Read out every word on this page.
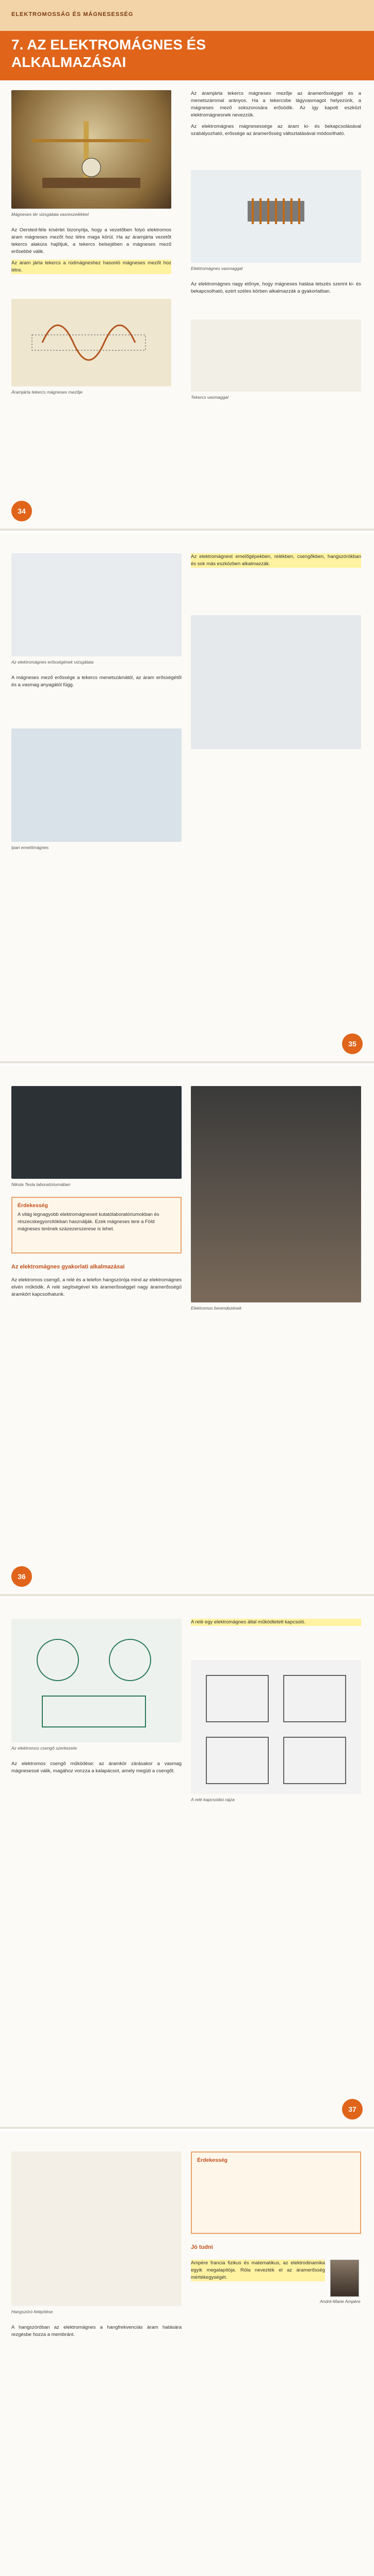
ELEKTROMOSSÁG ÉS MÁGNESESSÉG
7. AZ ELEKTROMÁGNES ÉS ALKALMAZÁSAI
Mágneses tér vizsgálata vasreszelékkel

Az Oersted-féle kísérlet bizonyítja, hogy a vezetőben folyó elektromos áram mágneses mezőt hoz létre maga körül. Ha az áramjárta vezetőt tekercs alakúra hajlítjuk, a tekercs belsejében a mágneses mező erősebbé válik.

Az áram járta tekercs a rúdmágneshez hasonló mágneses mezőt hoz létre.

Áramjárta tekercs mágneses mezője

Az áramjárta tekercs mágneses mezője az áramerősséggel és a menetszámmal arányos. Ha a tekercsbe lágyvasmagot helyezünk, a mágneses mező sokszorosára erősödik. Az így kapott eszközt elektromágnesnek nevezzük.

Az elektromágnes mágnesessége az áram ki- és bekapcsolásával szabályozható, erőssége az áramerősség változtatásával módosítható.

Elektromágnes vasmaggal

Az elektromágnes nagy előnye, hogy mágneses hatása tetszés szerint ki- és bekapcsolható, ezért széles körben alkalmazzák a gyakorlatban.

Tekercs vasmaggal
34
Az elektromágnes erősségének vizsgálata

A mágneses mező erőssége a tekercs menetszámától, az áram erősségétől és a vasmag anyagától függ.

Ipari emelőmágnes

Az elektromágnest emelőgépekben, relékben, csengőkben, hangszórókban és sok más eszközben alkalmazzák.

35
Nikola Tesla laboratóriumában
Érdekesség
A világ legnagyobb elektromágneseit kutatólaboratóriumokban és részecskegyorsítókban használják. Ezek mágneses tere a Föld mágneses terének százezerszerese is lehet.
Az elektromágnes gyakorlati alkalmazásai

Az elektromos csengő, a relé és a telefon hangszórója mind az elektromágnes elvén működik. A relé segítségével kis áramerősséggel nagy áramerősségű áramkört kapcsolhatunk.

Elektromos berendezések
36
Az elektromos csengő szerkezete

Az elektromos csengő működése: az áramkör zárásakor a vasmag mágnesessé válik, magához vonzza a kalapácsot, amely megüti a csengőt.

A relé egy elektromágnes által működtetett kapcsoló.

A relé kapcsolási rajza
37
Hangszóró felépítése

A hangszóróban az elektromágnes a hangfrekvenciás áram hatására rezgésbe hozza a membránt.

Érdekesség
Jó tudni

Ampère francia fizikus és matematikus, az elektrodinamika egyik megalapítója. Róla nevezték el az áramerősség mértékegységét.

André-Marie Ampère
